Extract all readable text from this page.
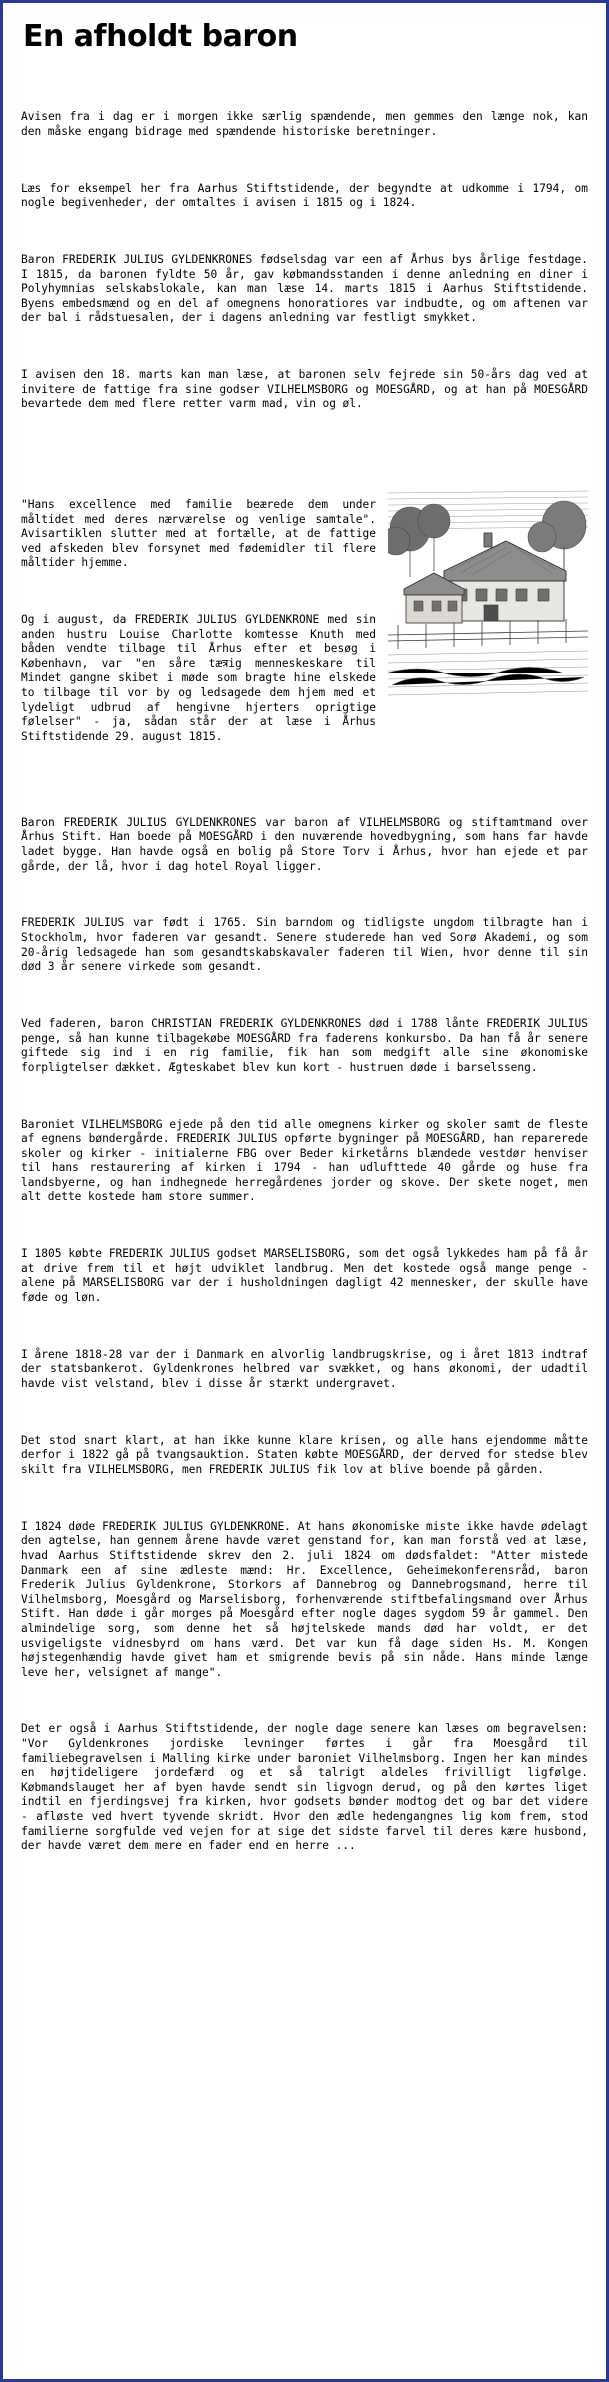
En afholdt baron

Avisen fra i dag er i morgen ikke særlig spændende, men gemmes den længe nok, kan den måske engang bidrage med spændende historiske beretninger.

Læs for eksempel her fra Aarhus Stiftstidende, der begyndte at udkomme i 1794, om nogle begivenheder, der omtaltes i avisen i 1815 og i 1824.

Baron FREDERIK JULIUS GYLDENKRONES fødselsdag var een af Århus bys årlige festdage. I 1815, da baronen fyldte 50 år, gav købmandsstanden i denne anledning en diner i Polyhymnias selskabslokale, kan man læse 14. marts 1815 i Aarhus Stiftstidende. Byens embedsmænd og en del af omegnens honoratiores var indbudte, og om aftenen var der bal i rådstuesalen, der i dagens anledning var festligt smykket.

I avisen den 18. marts kan man læse, at baronen selv fejrede sin 50-års dag ved at invitere de fattige fra sine godser VILHELMSBORG og MOESGÅRD, og at han på MOESGÅRD bevartede dem med flere retter varm mad, vin og øl.

"Hans excellence med familie beærede dem under måltidet med deres nærværelse og venlige samtale". Avisartiklen slutter med at fortælle, at de fattige ved afskeden blev forsynet med fødemidler til flere måltider hjemme.

Og i august, da FREDERIK JULIUS GYLDENKRONE med sin anden hustru Louise Charlotte komtesse Knuth med båden vendte tilbage til Århus efter et besøg i København, var "en såre tæत्रig menneskeskare til Mindet gangne skibet i møde som bragte hine elskede to tilbage til vor by og ledsagede dem hjem med et lydeligt udbrud af hengivne hjerters oprigtige følelser" - ja, sådan står der at læse i Århus Stiftstidende 29. august 1815.

Baron FREDERIK JULIUS GYLDENKRONES var baron af VILHELMSBORG og stiftamtmand over Århus Stift. Han boede på MOESGÅRD i den nuværende hovedbygning, som hans far havde ladet bygge. Han havde også en bolig på Store Torv i Århus, hvor han ejede et par gårde, der lå, hvor i dag hotel Royal ligger.

FREDERIK JULIUS var født i 1765. Sin barndom og tidligste ungdom tilbragte han i Stockholm, hvor faderen var gesandt. Senere studerede han ved Sorø Akademi, og som 20-årig ledsagede han som gesandtskabskavaler faderen til Wien, hvor denne til sin død 3 år senere virkede som gesandt.

Ved faderen, baron CHRISTIAN FREDERIK GYLDENKRONES død i 1788 lånte FREDERIK JULIUS penge, så han kunne tilbagekøbe MOESGÅRD fra faderens konkursbo. Da han få år senere giftede sig ind i en rig familie, fik han som medgift alle sine økonomiske forpligtelser dækket. Ægteskabet blev kun kort - hustruen døde i barselsseng.

Baroniet VILHELMSBORG ejede på den tid alle omegnens kirker og skoler samt de fleste af egnens bøndergårde. FREDERIK JULIUS opførte bygninger på MOESGÅRD, han reparerede skoler og kirker - initialerne FBG over Beder kirketårns blændede vestdør henviser til hans restaurering af kirken i 1794 - han udlufttede 40 gårde og huse fra landsbyerne, og han indhegnede herregårdenes jorder og skove. Der skete noget, men alt dette kostede ham store summer.

I 1805 købte FREDERIK JULIUS godset MARSELISBORG, som det også lykkedes ham på få år at drive frem til et højt udviklet landbrug. Men det kostede også mange penge - alene på MARSELISBORG var der i husholdningen dagligt 42 mennesker, der skulle have føde og løn.

I årene 1818-28 var der i Danmark en alvorlig landbrugskrise, og i året 1813 indtraf der statsbankerot. Gyldenkrones helbred var svækket, og hans økonomi, der udadtil havde vist velstand, blev i disse år stærkt undergravet.

Det stod snart klart, at han ikke kunne klare krisen, og alle hans ejendomme måtte derfor i 1822 gå på tvangsauktion. Staten købte MOESGÅRD, der derved for stedse blev skilt fra VILHELMSBORG, men FREDERIK JULIUS fik lov at blive boende på gården.

I 1824 døde FREDERIK JULIUS GYLDENKRONE. At hans økonomiske miste ikke havde ødelagt den agtelse, han gennem årene havde været genstand for, kan man forstå ved at læse, hvad Aarhus Stiftstidende skrev den 2. juli 1824 om dødsfaldet: "Atter mistede Danmark een af sine ædleste mænd: Hr. Excellence, Geheimekonferensråd, baron Frederik Julius Gyldenkrone, Storkors af Dannebrog og Dannebrogsmand, herre til Vilhelmsborg, Moesgård og Marselisborg, forhenværende stiftbefalingsmand over Århus Stift. Han døde i går morges på Moesgård efter nogle dages sygdom 59 år gammel. Den almindelige sorg, som denne het så højtelskede mands død har voldt, er det usvigeligste vidnesbyrd om hans værd. Det var kun få dage siden Hs. M. Kongen højstegenhændig havde givet ham et smigrende bevis på sin nåde. Hans minde længe leve her, velsignet af mange".

Det er også i Aarhus Stiftstidende, der nogle dage senere kan læses om begravelsen: "Vor Gyldenkrones jordiske levninger førtes i går fra Moesgård til familiebegravelsen i Malling kirke under baroniet Vilhelmsborg. Ingen her kan mindes en højtideligere jordefærd og et så talrigt aldeles frivilligt ligfølge. Købmandslauget her af byen havde sendt sin ligvogn derud, og på den kørtes liget indtil en fjerdingsvej fra kirken, hvor godsets bønder modtog det og bar det videre - afløste ved hvert tyvende skridt. Hvor den ædle hedengangnes lig kom frem, stod familierne sorgfulde ved vejen for at sige det sidste farvel til deres kære husbond, der havde været dem mere en fader end en herre ...
